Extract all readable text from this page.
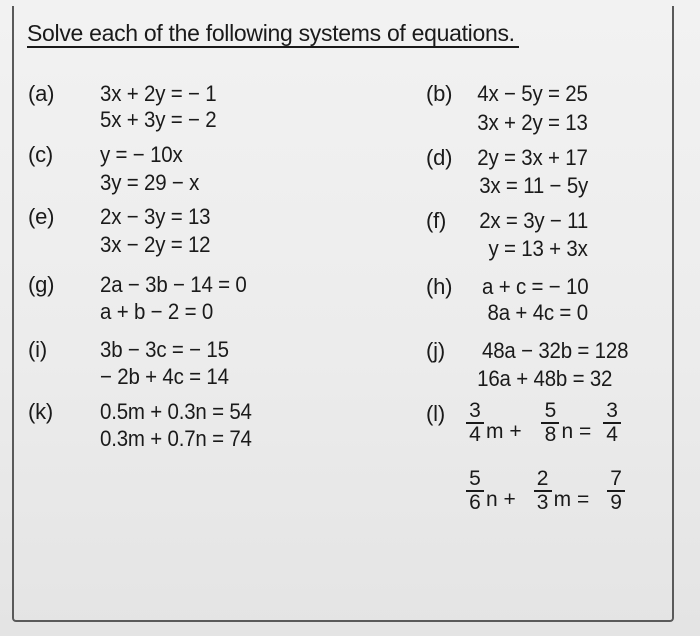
Solve each of the following systems of equations.
(a) 3x + 2y = − 1
5x + 3y = − 2
(c) y = − 10x
3y = 29 − x
(e) 2x − 3y = 13
3x − 2y = 12
(g) 2a − 3b − 14 = 0
a + b − 2 = 0
(i) 3b − 3c = − 15
− 2b + 4c = 14
(k) 0.5m + 0.3n = 54
0.3m + 0.7n = 74
(b) 4x − 5y = 25
3x + 2y = 13
(d) 2y = 3x + 17
3x = 11 − 5y
(f) 2x = 3y − 11
y = 13 + 3x
(h) a + c = − 10
8a + 4c = 0
(j) 48a − 32b = 128
16a + 48b = 32
$(l) \frac{3}{4}$ $m + \frac{5}{8}$ $n = \frac{3}{4}$
$\frac{5}{6}$ $n + \frac{2}{3}$ $m = \frac{7}{9}$
